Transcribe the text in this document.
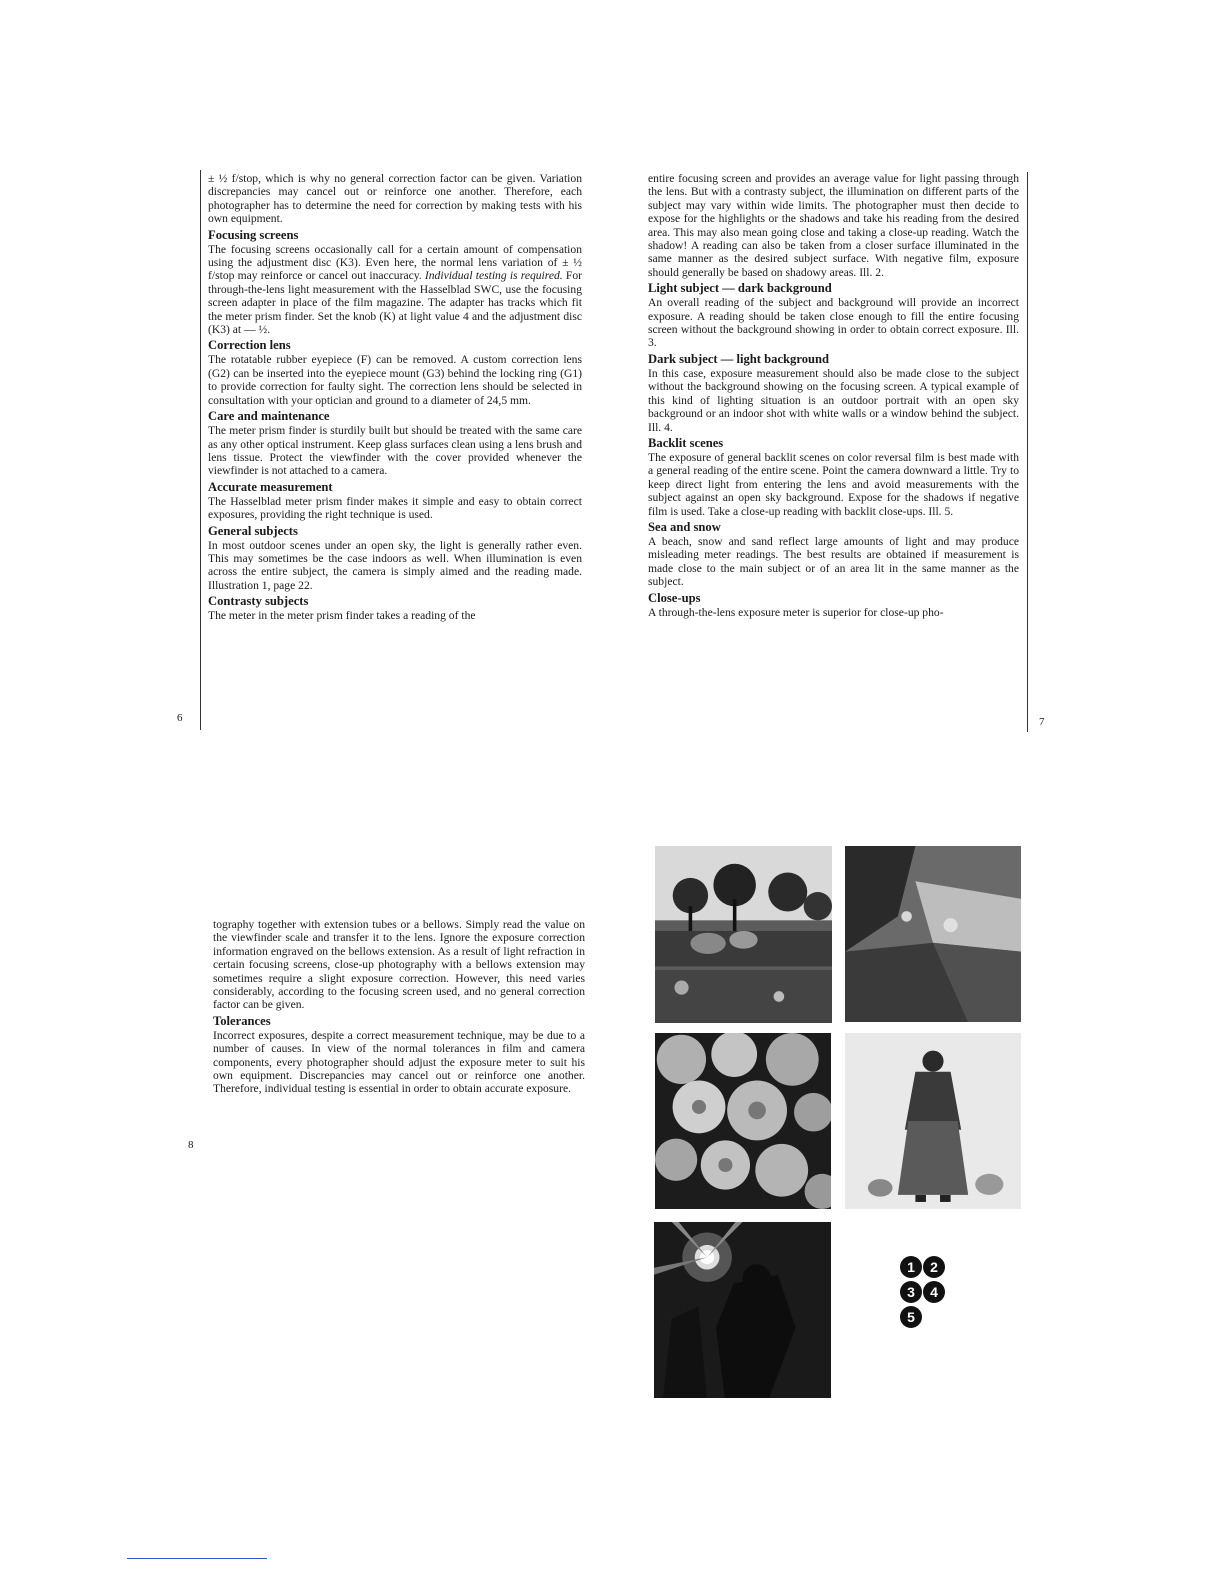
± ½ f/stop, which is why no general correction factor can be given. Variation discrepancies may cancel out or reinforce one another. Therefore, each photographer has to determine the need for correction by making tests with his own equipment.

Focusing screens

The focusing screens occasionally call for a certain amount of compensation using the adjustment disc (K3). Even here, the normal lens variation of ± ½ f/stop may reinforce or cancel out inaccuracy. Individual testing is required. For through-the-lens light measurement with the Hasselblad SWC, use the focusing screen adapter in place of the film magazine. The adapter has tracks which fit the meter prism finder. Set the knob (K) at light value 4 and the adjustment disc (K3) at — ½.

Correction lens

The rotatable rubber eyepiece (F) can be removed. A custom correction lens (G2) can be inserted into the eyepiece mount (G3) behind the locking ring (G1) to provide correction for faulty sight. The correction lens should be selected in consultation with your optician and ground to a diameter of 24,5 mm.

Care and maintenance

The meter prism finder is sturdily built but should be treated with the same care as any other optical instrument. Keep glass surfaces clean using a lens brush and lens tissue. Protect the viewfinder with the cover provided whenever the viewfinder is not attached to a camera.

Accurate measurement

The Hasselblad meter prism finder makes it simple and easy to obtain correct exposures, providing the right technique is used.

General subjects

In most outdoor scenes under an open sky, the light is generally rather even. This may sometimes be the case indoors as well. When illumination is even across the entire subject, the camera is simply aimed and the reading made. Illustration 1, page 22.

Contrasty subjects

The meter in the meter prism finder takes a reading of the

6

entire focusing screen and provides an average value for light passing through the lens. But with a contrasty subject, the illumination on different parts of the subject may vary within wide limits. The photographer must then decide to expose for the highlights or the shadows and take his reading from the desired area. This may also mean going close and taking a close-up reading. Watch the shadow! A reading can also be taken from a closer surface illuminated in the same manner as the desired subject surface. With negative film, exposure should generally be based on shadowy areas. Ill. 2.

Light subject — dark background

An overall reading of the subject and background will provide an incorrect exposure. A reading should be taken close enough to fill the entire focusing screen without the background showing in order to obtain correct exposure. Ill. 3.

Dark subject — light background

In this case, exposure measurement should also be made close to the subject without the background showing on the focusing screen. A typical example of this kind of lighting situation is an outdoor portrait with an open sky background or an indoor shot with white walls or a window behind the subject. Ill. 4.

Backlit scenes

The exposure of general backlit scenes on color reversal film is best made with a general reading of the entire scene. Point the camera downward a little. Try to keep direct light from entering the lens and avoid measurements with the subject against an open sky background. Expose for the shadows if negative film is used. Take a close-up reading with backlit close-ups. Ill. 5.

Sea and snow

A beach, snow and sand reflect large amounts of light and may produce misleading meter readings. The best results are obtained if measurement is made close to the main subject or of an area lit in the same manner as the subject.

Close-ups

A through-the-lens exposure meter is superior for close-up pho-

7

tography together with extension tubes or a bellows. Simply read the value on the viewfinder scale and transfer it to the lens. Ignore the exposure correction information engraved on the bellows extension. As a result of light refraction in certain focusing screens, close-up photography with a bellows extension may sometimes require a slight exposure correction. However, this need varies considerably, according to the focusing screen used, and no general correction factor can be given.

Tolerances

Incorrect exposures, despite a correct measurement technique, may be due to a number of causes. In view of the normal tolerances in film and camera components, every photographer should adjust the exposure meter to suit his own equipment. Discrepancies may cancel out or reinforce one another. Therefore, individual testing is essential in order to obtain accurate exposure.

8
1	2
3	4
5
